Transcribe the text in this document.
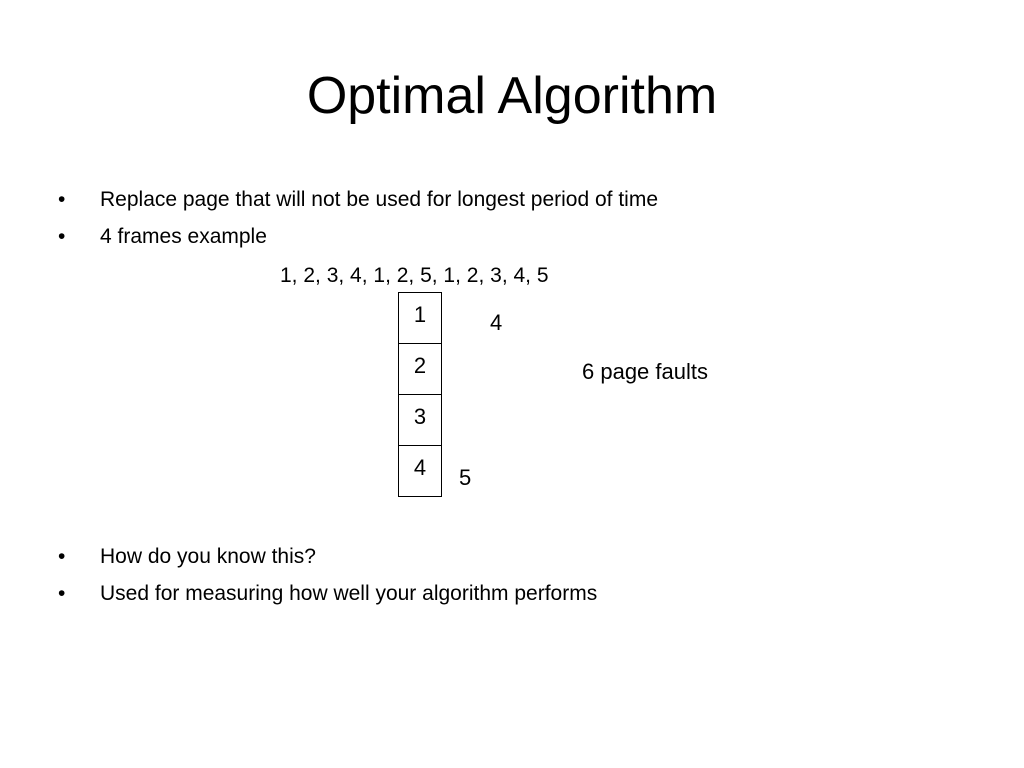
Optimal Algorithm
•	Replace page that will not be used for longest period of time
•	4 frames example
1, 2, 3, 4, 1, 2, 5, 1, 2, 3, 4, 5
1
2
3
4
4
5
6 page faults
•	How do you know this?
•	Used for measuring how well your algorithm performs
